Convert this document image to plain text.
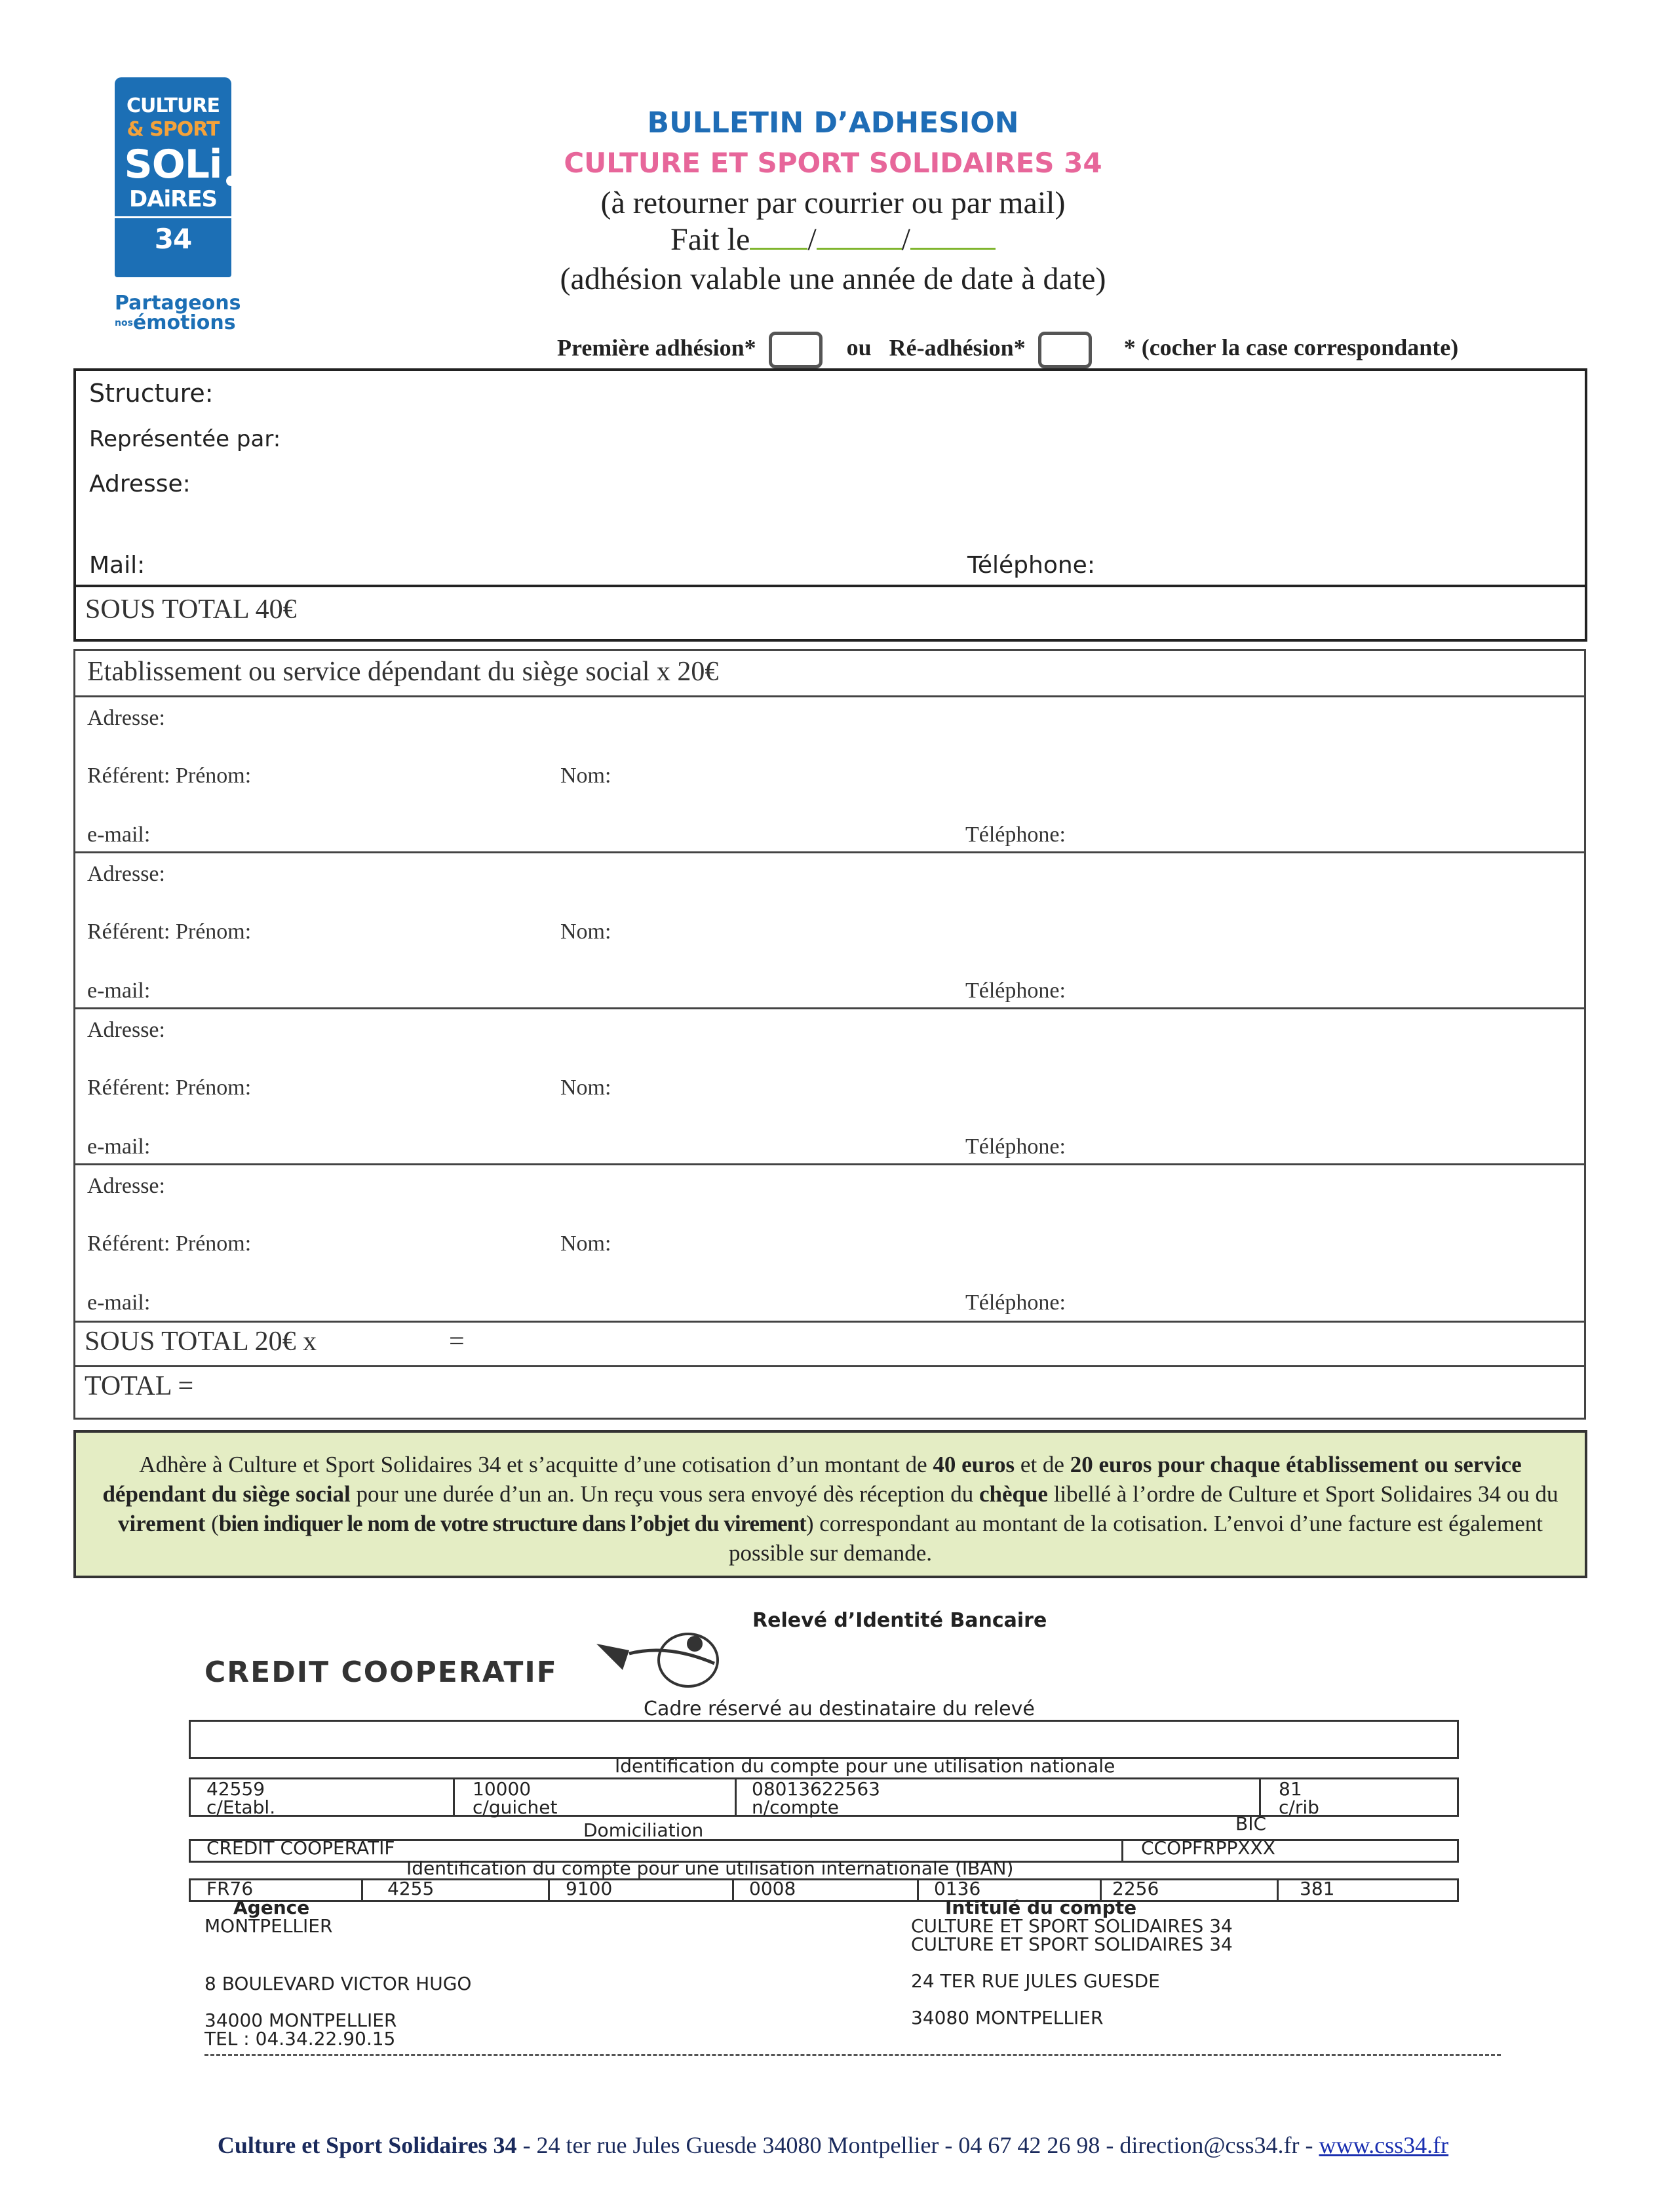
CULTURE
& SPORT
SOLi
DAiRES
34
Partageons
$^{nos}$émotions
BULLETIN D’ADHESION
CULTURE ET SPORT SOLIDAIRES 34
(à retourner par courrier ou par mail)
Fait le /	/
(adhésion valable une année de date à date)
Première adhésion*	ou Ré-adhésion*	* (cocher la case correspondante)
Structure:
Représentée par:
Adresse:
Mail:	Téléphone:
SOUS TOTAL 40€
Etablissement ou service dépendant du siège social x 20€
Adresse:
Référent: Prénom:	Nom:
e-mail:	Téléphone:
Adresse:
Référent: Prénom:	Nom:
e-mail:	Téléphone:
Adresse:
Référent: Prénom:	Nom:
e-mail:	Téléphone:
Adresse:
Référent: Prénom:	Nom:
e-mail:	Téléphone:
SOUS TOTAL 20€ x	=
TOTAL =

Adhère à Culture et Sport Solidaires 34 et s’acquitte d’une cotisation d’un montant de 40 euros et de 20 euros pour chaque établissement ou service dépendant du siège social pour une durée d’un an. Un reçu vous sera envoyé dès réception du chèque libellé à l’ordre de Culture et Sport Solidaires 34 ou du virement (bien indiquer le nom de votre structure dans l’objet du virement) correspondant au montant de la cotisation. L’envoi d’une facture est également possible sur demande.

Relevé d’Identité Bancaire
CREDIT COOPERATIF
Cadre réservé au destinataire du relevé
Identification du compte pour une utilisation nationale
42559	10000	08013622563	81
c/Etabl.	c/guichet	n/compte	c/rib
Domiciliation	BIC
CREDIT COOPERATIF	CCOPFRPPXXX
Identification du compte pour une utilisation internationale (IBAN)
FR76	4255	9100	0008	0136	2256	381
Agence
MONTPELLIER
Intitulé du compte
CULTURE ET SPORT SOLIDAIRES 34
CULTURE ET SPORT SOLIDAIRES 34
8 BOULEVARD VICTOR HUGO	24 TER RUE JULES GUESDE
34000 MONTPELLIER	34080 MONTPELLIER
TEL : 04.34.22.90.15
Culture et Sport Solidaires 34 - 24 ter rue Jules Guesde 34080 Montpellier - 04 67 42 26 98 - direction@css34.fr - www.css34.fr
